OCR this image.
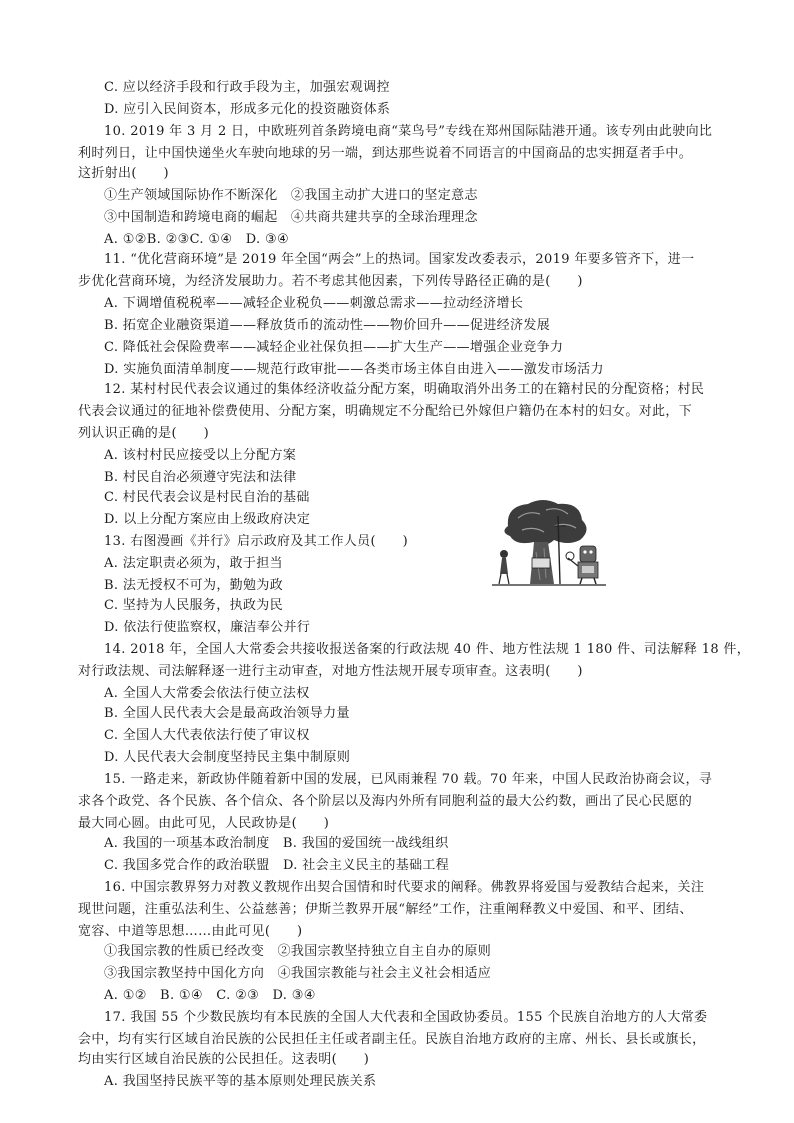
C. 应以经济手段和行政手段为主，加强宏观调控
D. 应引入民间资本，形成多元化的投资融资体系
10. 2019 年 3 月 2 日，中欧班列首条跨境电商“菜鸟号”专线在郑州国际陆港开通。该专列由此驶向比
利时列日，让中国快递坐火车驶向地球的另一端，到达那些说着不同语言的中国商品的忠实拥趸者手中。
这折射出(　　)
①生产领域国际协作不断深化　②我国主动扩大进口的坚定意志
③中国制造和跨境电商的崛起　④共商共建共享的全球治理理念
A. ①②B. ②③C. ①④　D. ③④
11. “优化营商环境”是 2019 年全国“两会”上的热词。国家发改委表示，2019 年要多管齐下，进一
步优化营商环境，为经济发展助力。若不考虑其他因素，下列传导路径正确的是(　　)
A. 下调增值税税率——减轻企业税负——刺激总需求——拉动经济增长
B. 拓宽企业融资渠道——释放货币的流动性——物价回升——促进经济发展
C. 降低社会保险费率——减轻企业社保负担——扩大生产——增强企业竞争力
D. 实施负面清单制度——规范行政审批——各类市场主体自由进入——激发市场活力
12. 某村村民代表会议通过的集体经济收益分配方案，明确取消外出务工的在籍村民的分配资格；村民
代表会议通过的征地补偿费使用、分配方案，明确规定不分配给已外嫁但户籍仍在本村的妇女。对此，下
列认识正确的是(　　)
A. 该村村民应接受以上分配方案
B. 村民自治必须遵守宪法和法律
C. 村民代表会议是村民自治的基础
D. 以上分配方案应由上级政府决定
13. 右图漫画《并行》启示政府及其工作人员(　　)
A. 法定职责必须为，敢于担当
B. 法无授权不可为，勤勉为政
C. 坚持为人民服务，执政为民
D. 依法行使监察权，廉洁奉公并行
14. 2018 年，全国人大常委会共接收报送备案的行政法规 40 件、地方性法规 1 180 件、司法解释 18 件，
对行政法规、司法解释逐一进行主动审查，对地方性法规开展专项审查。这表明(　　)
A. 全国人大常委会依法行使立法权
B. 全国人民代表大会是最高政治领导力量
C. 全国人大代表依法行使了审议权
D. 人民代表大会制度坚持民主集中制原则
15. 一路走来，新政协伴随着新中国的发展，已风雨兼程 70 载。70 年来，中国人民政治协商会议，寻
求各个政党、各个民族、各个信众、各个阶层以及海内外所有同胞利益的最大公约数，画出了民心民愿的
最大同心圆。由此可见，人民政协是(　　)
A. 我国的一项基本政治制度　B. 我国的爱国统一战线组织
C. 我国多党合作的政治联盟　D. 社会主义民主的基础工程
16. 中国宗教界努力对教义教规作出契合国情和时代要求的阐释。佛教界将爱国与爱教结合起来，关注
现世问题，注重弘法利生、公益慈善；伊斯兰教界开展“解经”工作，注重阐释教义中爱国、和平、团结、
宽容、中道等思想……由此可见(　　)
①我国宗教的性质已经改变　②我国宗教坚持独立自主自办的原则
③我国宗教坚持中国化方向　④我国宗教能与社会主义社会相适应
A. ①②　B. ①④　C. ②③　D. ③④
17. 我国 55 个少数民族均有本民族的全国人大代表和全国政协委员。155 个民族自治地方的人大常委
会中，均有实行区域自治民族的公民担任主任或者副主任。民族自治地方政府的主席、州长、县长或旗长，
均由实行区域自治民族的公民担任。这表明(　　)
A. 我国坚持民族平等的基本原则处理民族关系
